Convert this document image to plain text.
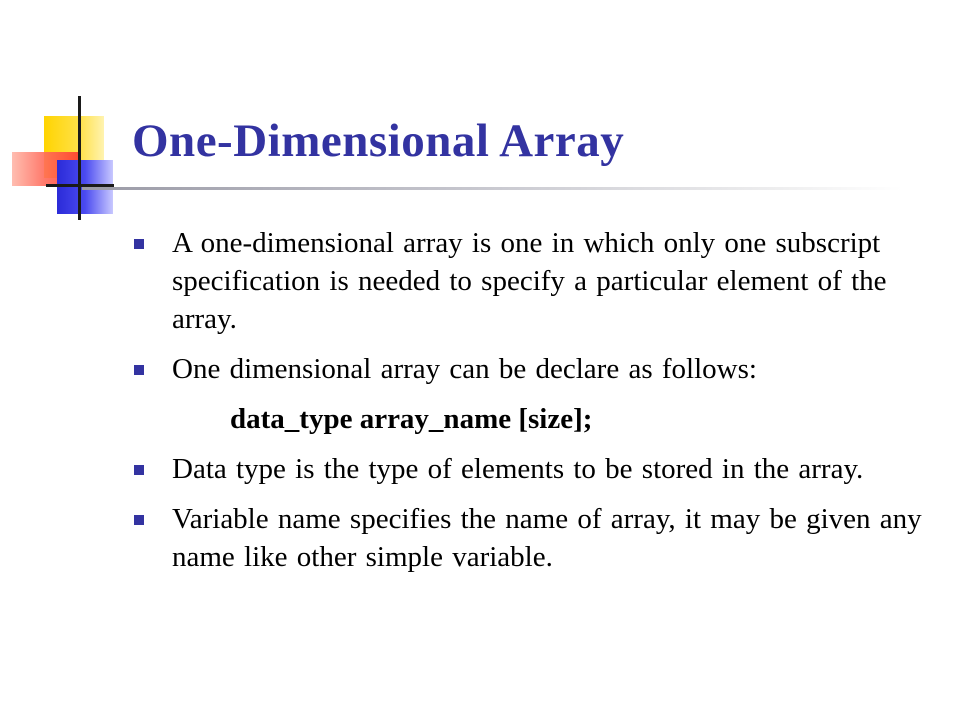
One-Dimensional Array
A one-dimensional array is one in which only one subscript specification is needed to specify a particular element of the array.
One dimensional array can be declare as follows:
data_type array_name [size];
Data type is the type of elements to be stored in the array.
Variable name specifies the name of array, it may be given any name like other simple variable.
